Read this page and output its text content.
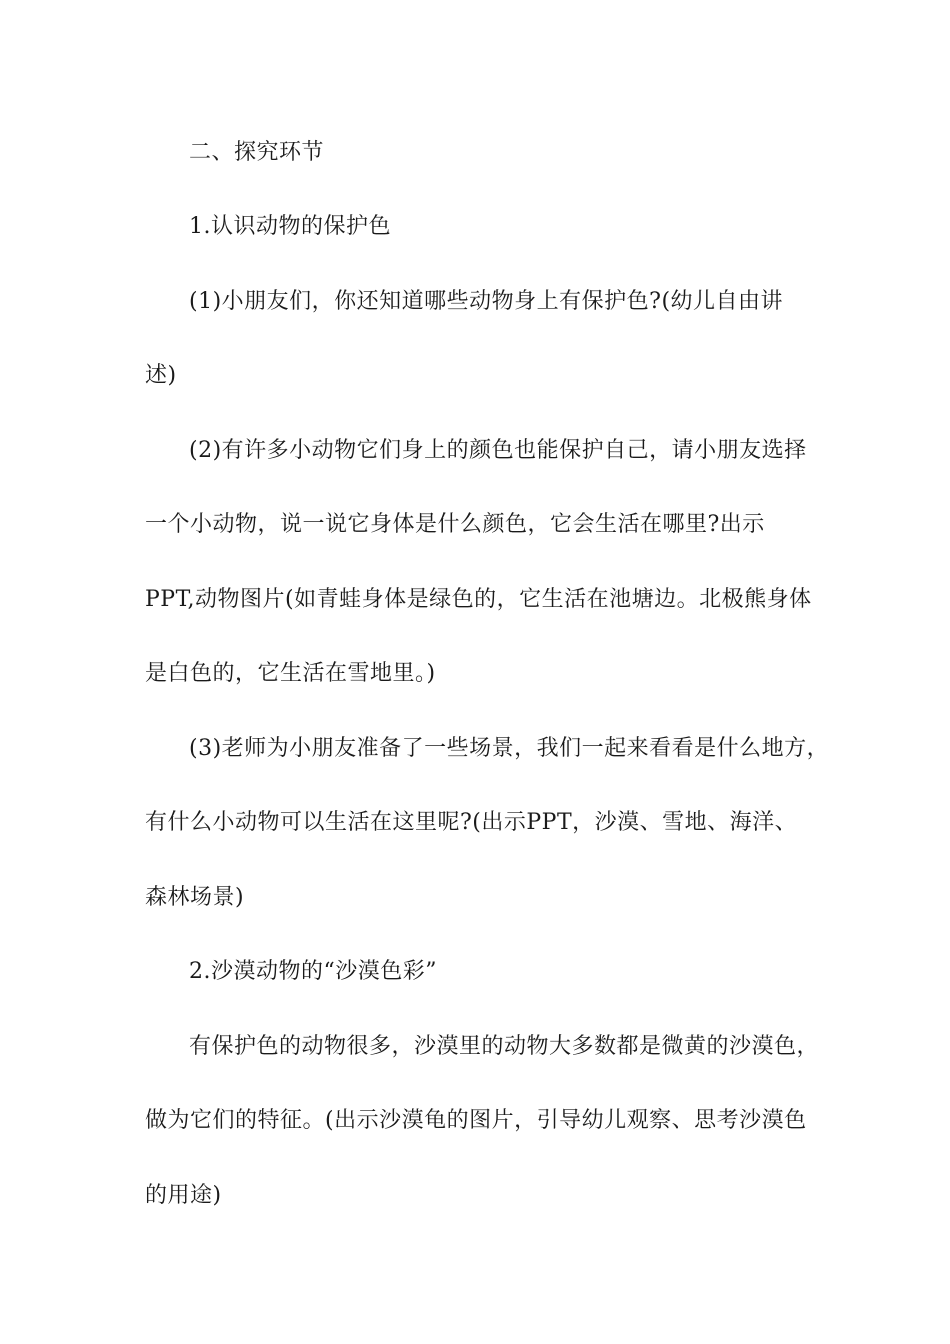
二、探究环节
1.认识动物的保护色
(1)小朋友们，你还知道哪些动物身上有保护色?(幼儿自由讲
述)
(2)有许多小动物它们身上的颜色也能保护自己，请小朋友选择
一个小动物，说一说它身体是什么颜色，它会生活在哪里?出示
PPT,动物图片(如青蛙身体是绿色的，它生活在池塘边。北极熊身体
是白色的，它生活在雪地里。)
(3)老师为小朋友准备了一些场景，我们一起来看看是什么地方，
有什么小动物可以生活在这里呢?(出示PPT，沙漠、雪地、海洋、
森林场景)
2.沙漠动物的“沙漠色彩”
有保护色的动物很多，沙漠里的动物大多数都是微黄的沙漠色，
做为它们的特征。(出示沙漠龟的图片，引导幼儿观察、思考沙漠色
的用途)
